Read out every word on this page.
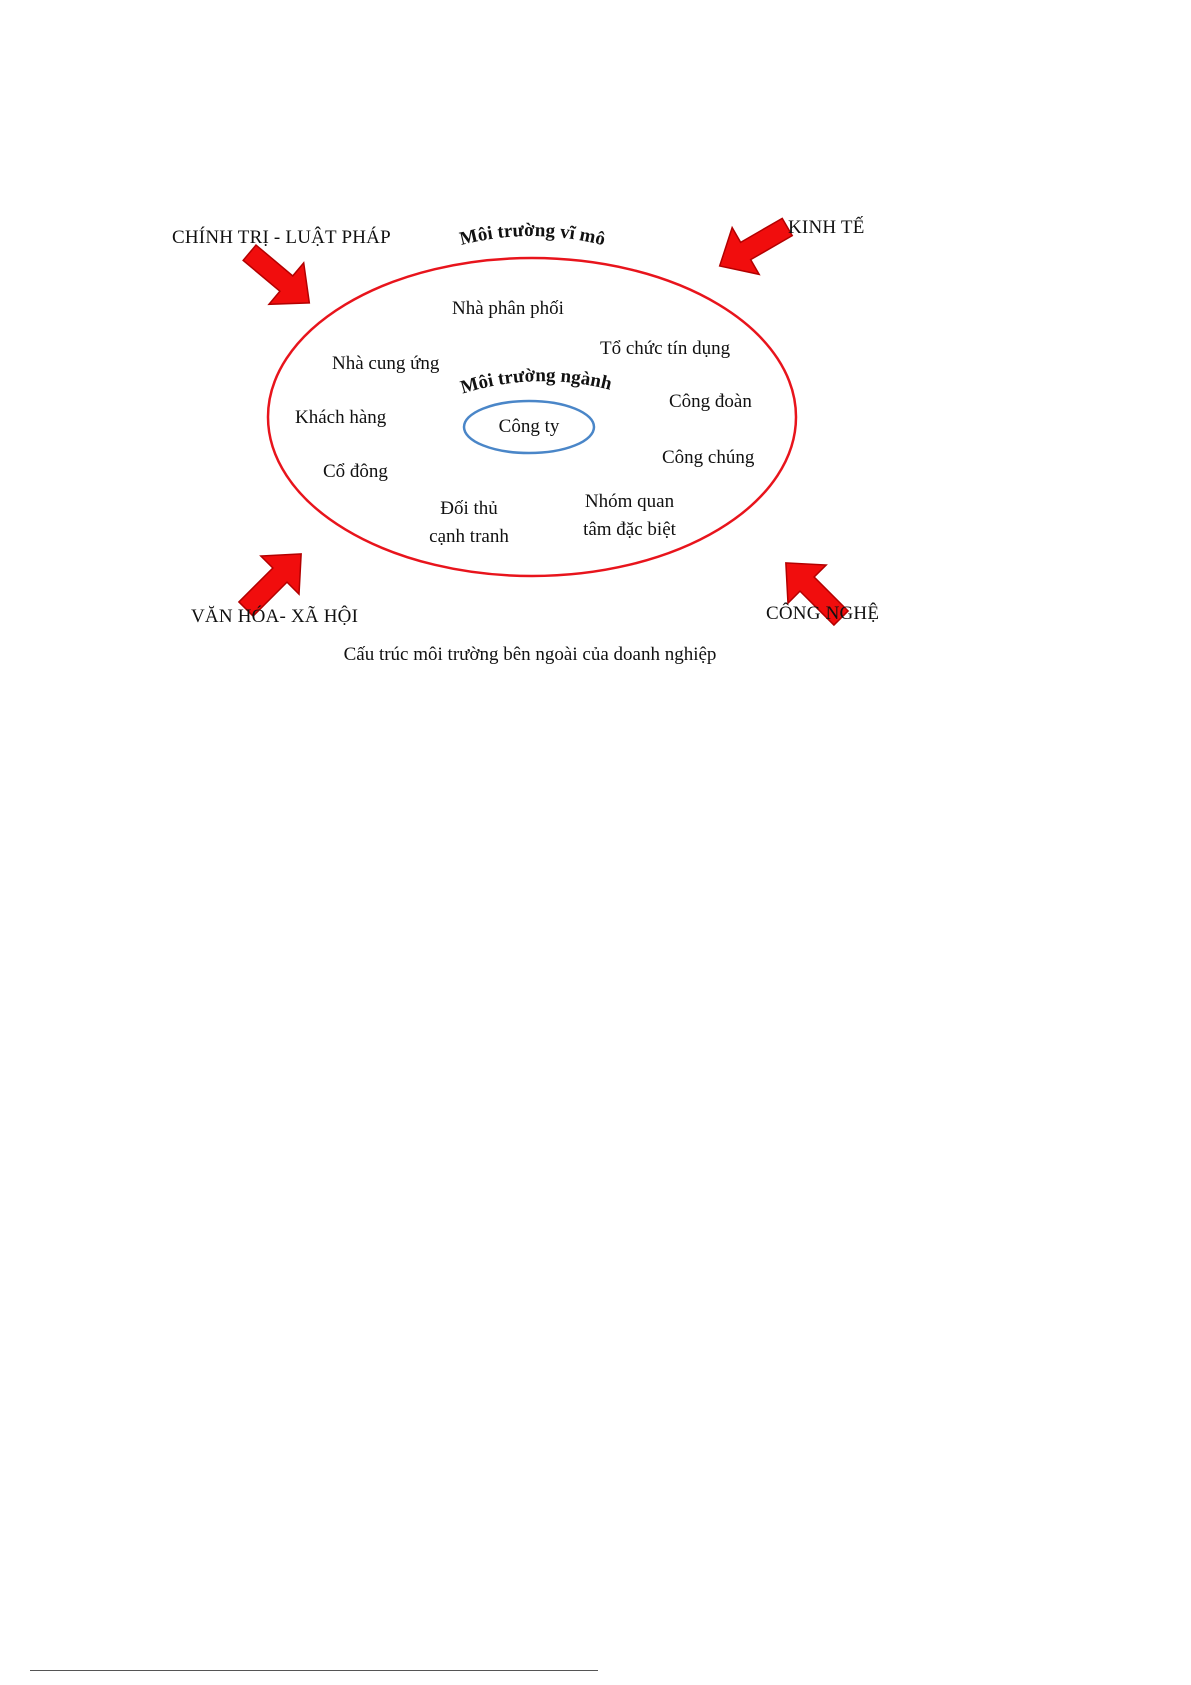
Môi trường vĩ mô
Môi trường ngành
CHÍNH TRỊ - LUẬT PHÁP	KINH TẾ
VĂN HÓA- XÃ HỘI	CÔNG NGHỆ
Nhà phân phối
Tổ chức tín dụng
Nhà cung ứng
Công đoàn
Khách hàng
Công chúng
Cổ đông
Đối thủ
cạnh tranh
Nhóm quan
tâm đặc biệt
Công ty
Cấu trúc môi trường bên ngoài của doanh nghiệp
